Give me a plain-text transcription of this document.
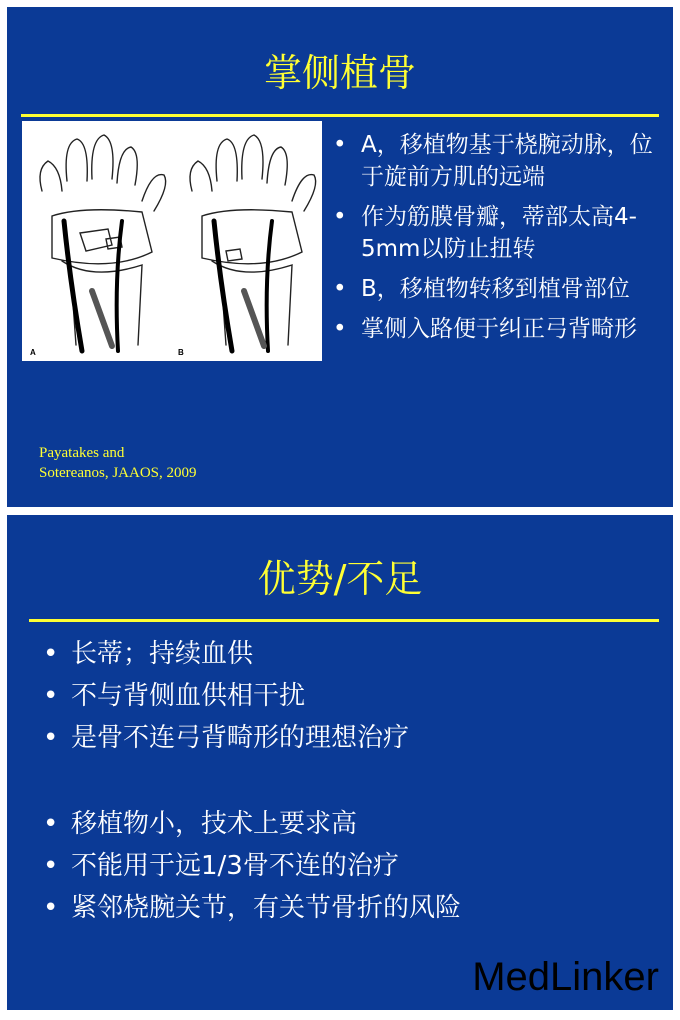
掌侧植骨
A	B
• A，移植物基于桡腕动脉，位于旋前方肌的远端
• 作为筋膜骨瓣，蒂部太高4-5mm以防止扭转
• B，移植物转移到植骨部位
• 掌侧入路便于纠正弓背畸形
Payatakes and
Sotereanos, JAAOS, 2009
优势/不足
• 长蒂；持续血供
• 不与背侧血供相干扰
• 是骨不连弓背畸形的理想治疗
• 移植物小，技术上要求高
• 不能用于远1/3骨不连的治疗
• 紧邻桡腕关节，有关节骨折的风险
MedLinker
